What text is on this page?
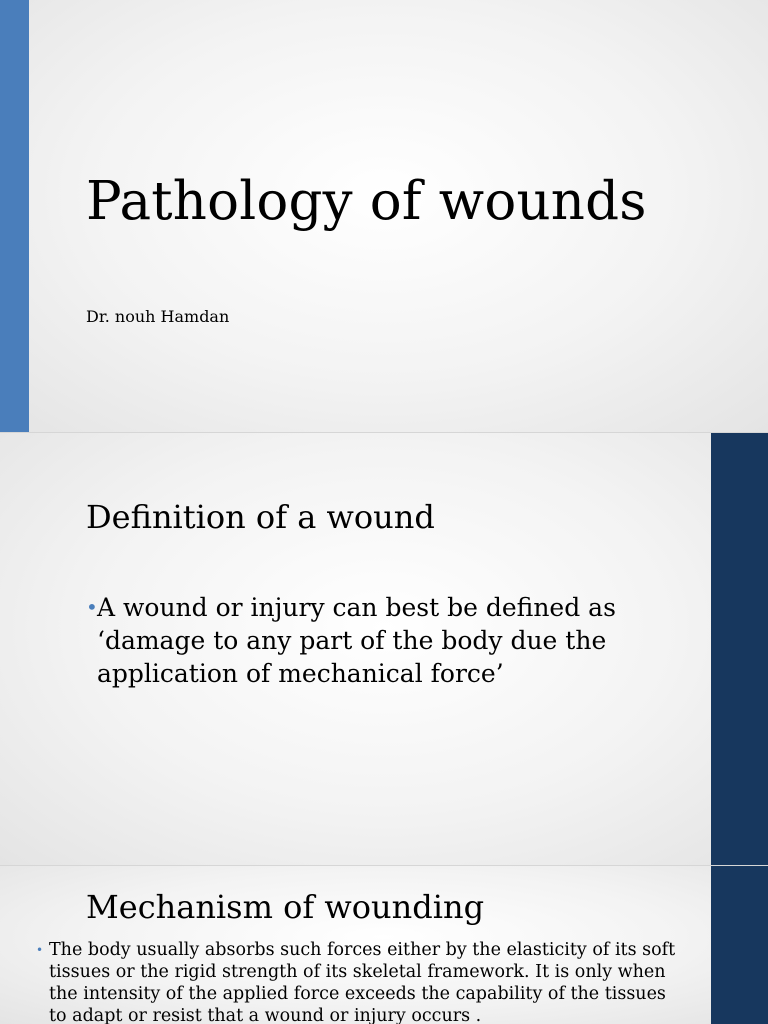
Pathology of wounds
Dr. nouh Hamdan
Definition of a wound
• A wound or injury can best be defined as ‘damage to any part of the body due the application of mechanical force’
Mechanism of wounding
• The body usually absorbs such forces either by the elasticity of its soft tissues or the rigid strength of its skeletal framework. It is only when the intensity of the applied force exceeds the capability of the tissues to adapt or resist that a wound or injury occurs .
